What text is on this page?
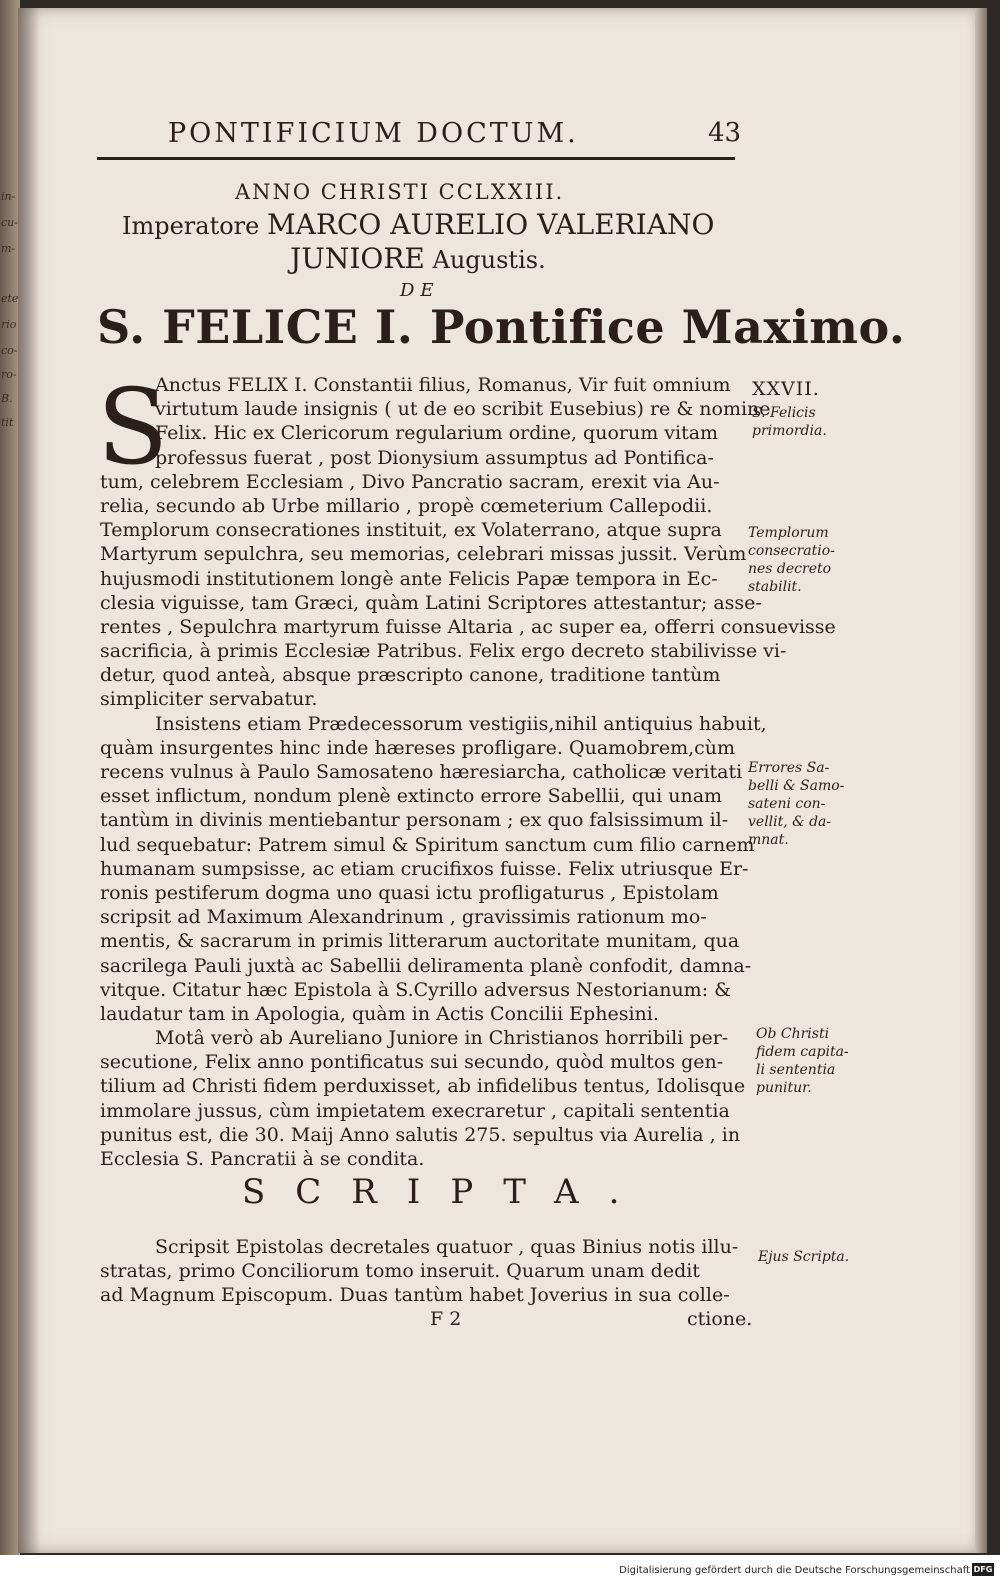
in-
cu-
m-
ete
rio
co-
ro-
B.
tit
PONTIFICIUM DOCTUM.	43
ANNO CHRISTI CCLXXIII.
Imperatore MARCO AURELIO VALERIANO
JUNIORE Augustis.
DE
S. FELICE I. Pontifice Maximo.
S
Anctus FELIX I. Constantii filius, Romanus, Vir fuit omnium
virtutum laude insignis ( ut de eo scribit Eusebius) re & nomine
Felix. Hic ex Clericorum regularium ordine, quorum vitam
professus fuerat , post Dionysium assumptus ad Pontifica-
tum, celebrem Ecclesiam , Divo Pancratio sacram, erexit via Au-
relia, secundo ab Urbe millario , propè cœmeterium Callepodii.
Templorum consecrationes instituit, ex Volaterrano, atque supra
Martyrum sepulchra, seu memorias, celebrari missas jussit. Verùm
hujusmodi institutionem longè ante Felicis Papæ tempora in Ec-
clesia viguisse, tam Græci, quàm Latini Scriptores attestantur; asse-
rentes , Sepulchra martyrum fuisse Altaria , ac super ea, offerri consuevisse
sacrificia, à primis Ecclesiæ Patribus. Felix ergo decreto stabilivisse vi-
detur, quod anteà, absque præscripto canone, traditione tantùm
simpliciter servabatur.
Insistens etiam Prædecessorum vestigiis,nihil antiquius habuit,
quàm insurgentes hinc inde hæreses profligare. Quamobrem,cùm
recens vulnus à Paulo Samosateno hæresiarcha, catholicæ veritati
esset inflictum, nondum plenè extincto errore Sabellii, qui unam
tantùm in divinis mentiebantur personam ; ex quo falsissimum il-
lud sequebatur: Patrem simul & Spiritum sanctum cum filio carnem
humanam sumpsisse, ac etiam crucifixos fuisse. Felix utriusque Er-
ronis pestiferum dogma uno quasi ictu profligaturus , Epistolam
scripsit ad Maximum Alexandrinum , gravissimis rationum mo-
mentis, & sacrarum in primis litterarum auctoritate munitam, qua
sacrilega Pauli juxtà ac Sabellii deliramenta planè confodit, damna-
vitque. Citatur hæc Epistola à S.Cyrillo adversus Nestorianum: &
laudatur tam in Apologia, quàm in Actis Concilii Ephesini.
Motâ verò ab Aureliano Juniore in Christianos horribili per-
secutione, Felix anno pontificatus sui secundo, quòd multos gen-
tilium ad Christi fidem perduxisset, ab infidelibus tentus, Idolisque
immolare jussus, cùm impietatem execraretur , capitali sententia
punitus est, die 30. Maij Anno salutis 275. sepultus via Aurelia , in
Ecclesia S. Pancratii à se condita.
SCRIPTA.
Scripsit Epistolas decretales quatuor , quas Binius notis illu-
stratas, primo Conciliorum tomo inseruit. Quarum unam dedit
ad Magnum Episcopum. Duas tantùm habet Joverius in sua colle-
F 2	ctione.
XXVII.
S. Felicis
primordia.
Templorum
consecratio-
nes decreto
stabilit.
Errores Sa-
belli & Samo-
sateni con-
vellit, & da-
mnat.
Ob Christi
fidem capita-
li sententia
punitur.
Ejus Scripta.
Digitalisierung gefördert durch die Deutsche Forschungsgemeinschaft DFG
